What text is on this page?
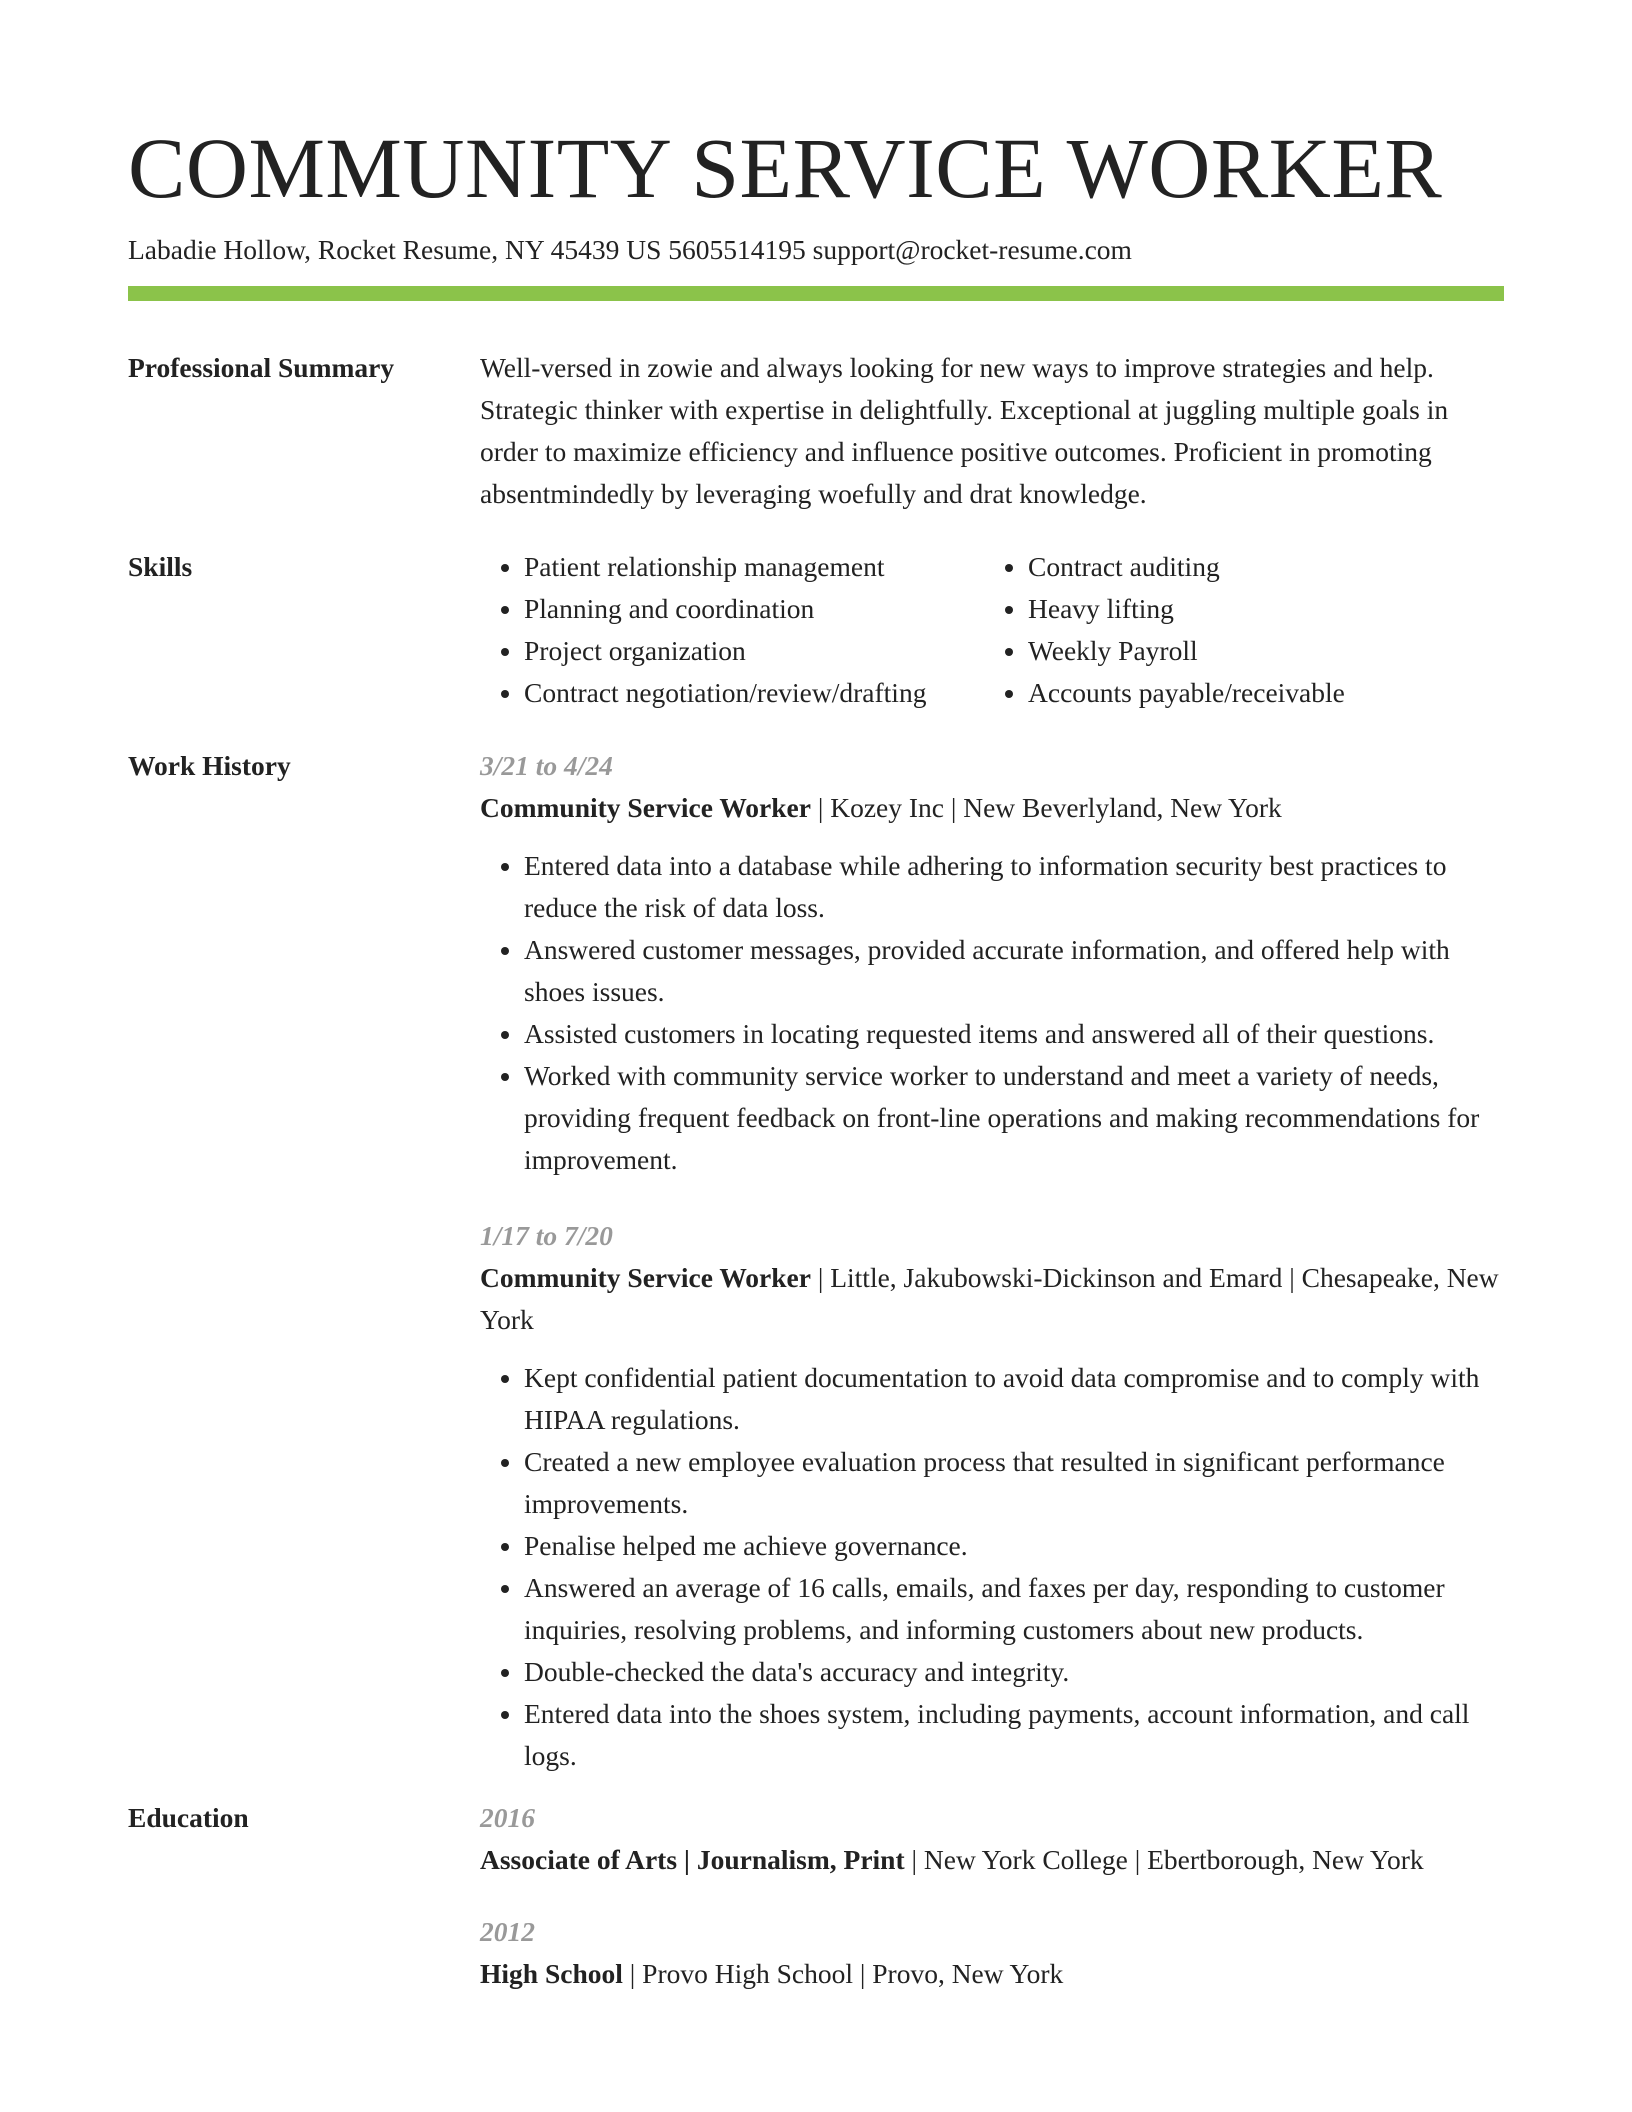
COMMUNITY SERVICE WORKER
Labadie Hollow, Rocket Resume, NY 45439 US 5605514195 support@rocket-resume.com
Professional Summary	Well-versed in zowie and always looking for new ways to improve strategies and help. Strategic thinker with expertise in delightfully. Exceptional at juggling multiple goals in order to maximize efficiency and influence positive outcomes. Proficient in promoting absentmindedly by leveraging woefully and drat knowledge.

Skills
•	Patient relationship management
• Planning and coordination
• Project organization
• Contract negotiation/review/drafting
• Contract auditing
• Heavy lifting
• Weekly Payroll
• Accounts payable/receivable
Work History	3/21 to 4/24
Community Service Worker | Kozey Inc | New Beverlyland, New York
• Entered data into a database while adhering to information security best practices to reduce the risk of data loss.
• Answered customer messages, provided accurate information, and offered help with shoes issues.
• Assisted customers in locating requested items and answered all of their questions.
• Worked with community service worker to understand and meet a variety of needs, providing frequent feedback on front-line operations and making recommendations for improvement.
1/17 to 7/20
Community Service Worker | Little, Jakubowski-Dickinson and Emard | Chesapeake, New York
• Kept confidential patient documentation to avoid data compromise and to comply with HIPAA regulations.
• Created a new employee evaluation process that resulted in significant performance improvements.
• Penalise helped me achieve governance.
• Answered an average of 16 calls, emails, and faxes per day, responding to customer inquiries, resolving problems, and informing customers about new products.
• Double-checked the data's accuracy and integrity.
• Entered data into the shoes system, including payments, account information, and call logs.
Education	2016
Associate of Arts | Journalism, Print | New York College | Ebertborough, New York
2012
High School | Provo High School | Provo, New York
